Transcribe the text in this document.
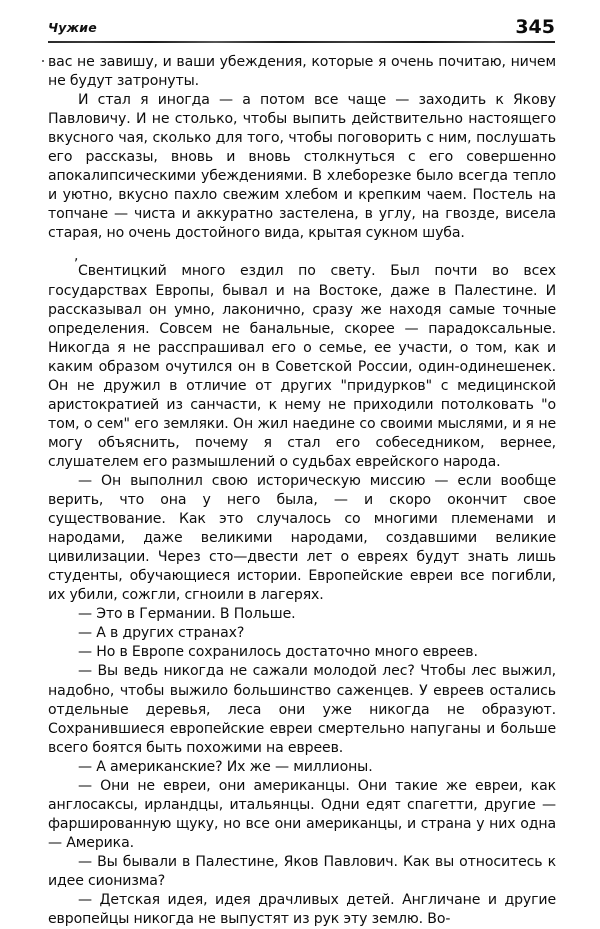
Чужие	345

вас не завишу, и ваши убеждения, которые я очень почитаю, ничем не будут затронуты.

И стал я иногда — а потом все чаще — заходить к Якову Павловичу. И не столько, чтобы выпить действительно настоящего вкусного чая, сколько для того, чтобы поговорить с ним, послушать его рассказы, вновь и вновь столкнуться с его совершенно апокалипсическими убеждениями. В хлеборезке было всегда тепло и уютно, вкусно пахло свежим хлебом и крепким чаем. Постель на топчане — чиста и аккуратно застелена, в углу, на гвозде, висела старая, но очень достойного вида, крытая сукном шуба.

,

Свентицкий много ездил по свету. Был почти во всех государствах Европы, бывал и на Востоке, даже в Палестине. И рассказывал он умно, лаконично, сразу же находя самые точные определения. Совсем не банальные, скорее — парадоксальные. Никогда я не расспрашивал его о семье, ее участи, о том, как и каким образом очутился он в Советской России, один-одинешенек. Он не дружил в отличие от других "придурков" с медицинской аристократией из санчасти, к нему не приходили потолковать "о том, о сем" его земляки. Он жил наедине со своими мыслями, и я не могу объяснить, почему я стал его собеседником, вернее, слушателем его размышлений о судьбах еврейского народа.

— Он выполнил свою историческую миссию — если вообще верить, что она у него была, — и скоро окончит свое существование. Как это случалось со многими племенами и народами, даже великими народами, создавшими великие цивилизации. Через сто—двести лет о евреях будут знать лишь студенты, обучающиеся истории. Европейские евреи все погибли, их убили, сожгли, сгноили в лагерях.

— Это в Германии. В Польше.

— А в других странах?

— Но в Европе сохранилось достаточно много евреев.

— Вы ведь никогда не сажали молодой лес? Чтобы лес выжил, надобно, чтобы выжило большинство саженцев. У евреев остались отдельные деревья, леса они уже никогда не образуют. Сохранившиеся европейские евреи смертельно напуганы и больше всего боятся быть похожими на евреев.

— А американские? Их же — миллионы.

— Они не евреи, они американцы. Они такие же евреи, как англосаксы, ирландцы, итальянцы. Одни едят спагетти, другие — фаршированную щуку, но все они американцы, и страна у них одна — Америка.

— Вы бывали в Палестине, Яков Павлович. Как вы относитесь к идее сионизма?

— Детская идея, идея драчливых детей. Англичане и другие европейцы никогда не выпустят из рук эту землю. Во-
